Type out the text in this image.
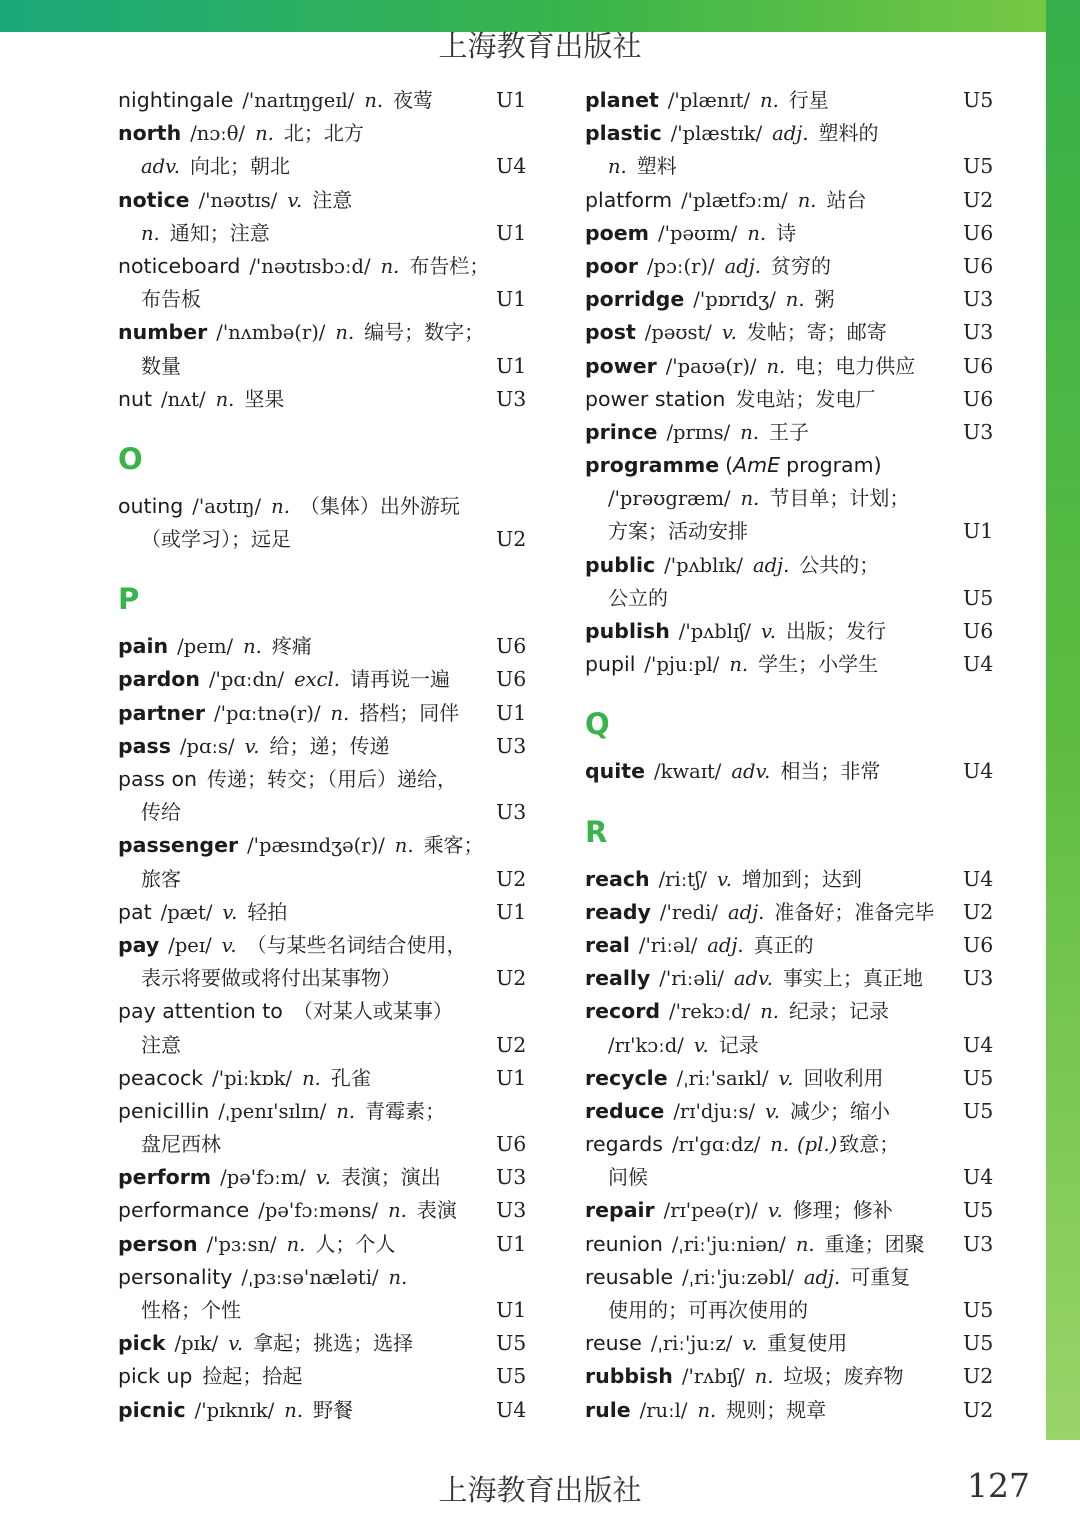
上海教育出版社
nightingale /'naɪtɪŋgeɪl/ n. 夜莺	U1
north /nɔːθ/ n. 北；北方
adv. 向北；朝北	U4
notice /'nəʊtɪs/ v. 注意
n. 通知；注意	U1
noticeboard /'nəʊtɪsbɔːd/ n. 布告栏；
布告板	U1
number /'nʌmbə(r)/ n. 编号；数字；
数量	U1
nut /nʌt/ n. 坚果	U3
O
outing /'aʊtɪŋ/ n. （集体）出外游玩
（或学习）；远足	U2
P
pain /peɪn/ n. 疼痛	U6
pardon /'pɑːdn/ excl. 请再说一遍 U6
partner /'pɑːtnə(r)/ n. 搭档；同伴 U1
pass /pɑːs/ v. 给；递；传递	U3
pass on 传递；转交；（用后）递给，
传给	U3
passenger /'pæsɪndʒə(r)/ n. 乘客；
旅客	U2
pat /pæt/ v. 轻拍	U1
pay /peɪ/ v. （与某些名词结合使用，
表示将要做或将付出某事物）	U2
pay attention to （对某人或某事）
注意	U2
peacock /'piːkɒk/ n. 孔雀	U1
penicillin /ˌpenɪ'sɪlɪn/ n. 青霉素；
盘尼西林	U6
perform /pə'fɔːm/ v. 表演；演出	U3
performance /pə'fɔːməns/ n. 表演 U3
person /'pɜːsn/ n. 人；个人	U1
personality /ˌpɜːsə'næləti/ n.
性格；个性	U1
pick /pɪk/ v. 拿起；挑选；选择	U5
pick up 捡起；拾起	U5
picnic /'pɪknɪk/ n. 野餐	U4
planet /'plænɪt/ n. 行星	U5
plastic /'plæstɪk/ adj. 塑料的
n. 塑料	U5
platform /'plætfɔːm/ n. 站台	U2
poem /'pəʊɪm/ n. 诗	U6
poor /pɔː(r)/ adj. 贫穷的	U6
porridge /'pɒrɪdʒ/ n. 粥	U3
post /pəʊst/ v. 发帖；寄；邮寄	U3
power /'paʊə(r)/ n. 电；电力供应 U6
power station 发电站；发电厂	U6
prince /prɪns/ n. 王子	U3
programme (AmE program)
/'prəʊgræm/ n. 节目单；计划；
方案；活动安排	U1
public /'pʌblɪk/ adj. 公共的；
公立的	U5
publish /'pʌblɪʃ/ v. 出版；发行	U6
pupil /'pjuːpl/ n. 学生；小学生	U4
Q
quite /kwaɪt/ adv. 相当；非常	U4
R
reach /riːtʃ/ v. 增加到；达到	U4
ready /'redi/ adj. 准备好；准备完毕 U2
real /'riːəl/ adj. 真正的	U6
really /'riːəli/ adv. 事实上；真正地 U3
record /'rekɔːd/ n. 纪录；记录
/rɪ'kɔːd/ v. 记录	U4
recycle /ˌriː'saɪkl/ v. 回收利用	U5
reduce /rɪ'djuːs/ v. 减少；缩小	U5
regards /rɪ'gɑːdz/ n. (pl.) 致意；
问候	U4
repair /rɪ'peə(r)/ v. 修理；修补	U5
reunion /ˌriː'juːniən/ n. 重逢；团聚 U3
reusable /ˌriː'juːzəbl/ adj. 可重复
使用的；可再次使用的	U5
reuse /ˌriː'juːz/ v. 重复使用	U5
rubbish /'rʌbɪʃ/ n. 垃圾；废弃物	U2
rule /ruːl/ n. 规则；规章	U2
上海教育出版社	127
